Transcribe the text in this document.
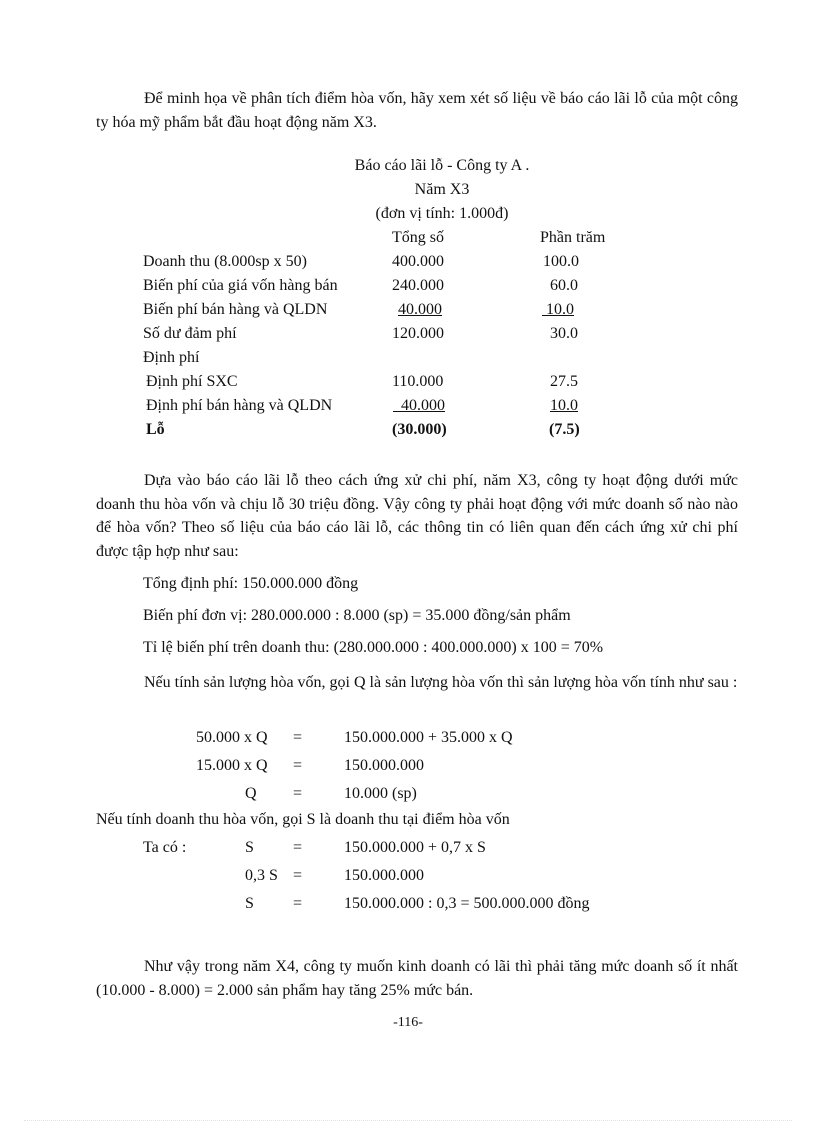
Để minh họa về phân tích điểm hòa vốn, hãy xem xét số liệu về báo cáo lãi lỗ của một công ty hóa mỹ phẩm bắt đầu hoạt động năm X3.
Báo cáo lãi lỗ - Công ty A .
Năm X3
(đơn vị tính: 1.000đ)
Tổng số	Phần trăm
Doanh thu (8.000sp x 50)	400.000	100.0
Biến phí của giá vốn hàng bán	240.000	60.0
Biến phí bán hàng và QLDN	40.000	10.0
Số dư đảm phí	120.000	30.0
Định phí
Định phí SXC	110.000	27.5
Định phí bán hàng và QLDN	40.000	10.0
Lỗ	(30.000)	(7.5)
Dựa vào báo cáo lãi lỗ theo cách ứng xử chi phí, năm X3, công ty hoạt động dưới mức doanh thu hòa vốn và chịu lỗ 30 triệu đồng. Vậy công ty phải hoạt động với mức doanh số nào nào để hòa vốn? Theo số liệu của báo cáo lãi lỗ, các thông tin có liên quan đến cách ứng xử chi phí được tập hợp như sau:
Tổng định phí: 150.000.000 đồng
Biến phí đơn vị: 280.000.000 : 8.000 (sp) = 35.000 đồng/sản phẩm
Tỉ lệ biến phí trên doanh thu: (280.000.000 : 400.000.000) x 100 = 70%
Nếu tính sản lượng hòa vốn, gọi Q là sản lượng hòa vốn thì sản lượng hòa vốn tính như sau :
50.000 x Q =	150.000.000 + 35.000 x Q
15.000 x Q =	150.000.000
Q =	10.000 (sp)
Nếu tính doanh thu hòa vốn, gọi S là doanh thu tại điểm hòa vốn
Ta có :	S =	150.000.000 + 0,7 x S
0,3 S =	150.000.000
S =	150.000.000 : 0,3 = 500.000.000 đồng
Như vậy trong năm X4, công ty muốn kinh doanh có lãi thì phải tăng mức doanh số ít nhất (10.000 - 8.000) = 2.000 sản phẩm hay tăng 25% mức bán.
-116-
